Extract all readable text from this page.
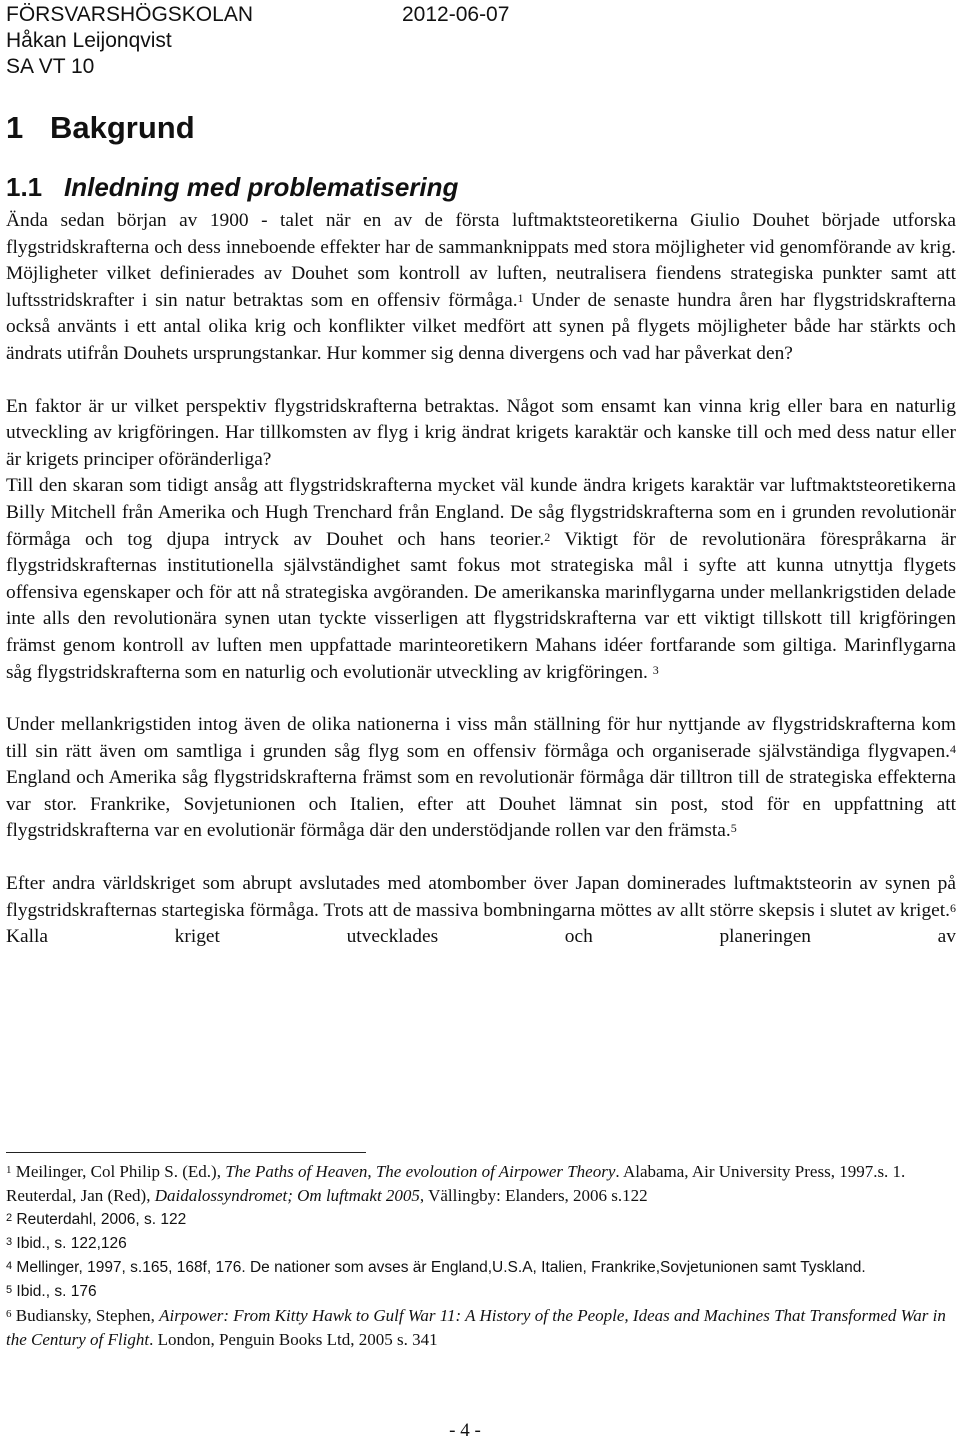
FÖRSVARSHÖGSKOLAN
Håkan Leijonqvist
SA VT 10
2012-06-07
1 Bakgrund
1.1 Inledning med problematisering

Ända sedan början av 1900 - talet när en av de första luftmaktsteoretikerna Giulio Douhet började utforska flygstridskrafterna och dess inneboende effekter har de sammanknippats med stora möjligheter vid genomförande av krig. Möjligheter vilket definierades av Douhet som kontroll av luften, neutralisera fiendens strategiska punkter samt att luftsstridskrafter i sin natur betraktas som en offensiv förmåga.$^1$ Under de senaste hundra åren har flygstridskrafterna också använts i ett antal olika krig och konflikter vilket medfört att synen på flygets möjligheter både har stärkts och ändrats utifrån Douhets ursprungstankar. Hur kommer sig denna divergens och vad har påverkat den?

En faktor är ur vilket perspektiv flygstridskrafterna betraktas. Något som ensamt kan vinna krig eller bara en naturlig utveckling av krigföringen. Har tillkomsten av flyg i krig ändrat krigets karaktär och kanske till och med dess natur eller är krigets principer oföränderliga?

Till den skaran som tidigt ansåg att flygstridskrafterna mycket väl kunde ändra krigets karaktär var luftmaktsteoretikerna Billy Mitchell från Amerika och Hugh Trenchard från England. De såg flygstridskrafterna som en i grunden revolutionär förmåga och tog djupa intryck av Douhet och hans teorier.$^2$ Viktigt för de revolutionära förespråkarna är flygstridskrafternas institutionella självständighet samt fokus mot strategiska mål i syfte att kunna utnyttja flygets offensiva egenskaper och för att nå strategiska avgöranden. De amerikanska marinflygarna under mellankrigstiden delade inte alls den revolutionära synen utan tyckte visserligen att flygstridskrafterna var ett viktigt tillskott till krigföringen främst genom kontroll av luften men uppfattade marinteoretikern Mahans idéer fortfarande som giltiga. Marinflygarna såg flygstridskrafterna som en naturlig och evolutionär utveckling av krigföringen. $^3$

Under mellankrigstiden intog även de olika nationerna i viss mån ställning för hur nyttjande av flygstridskrafterna kom till sin rätt även om samtliga i grunden såg flyg som en offensiv förmåga och organiserade självständiga flygvapen.$^4$ England och Amerika såg flygstridskrafterna främst som en revolutionär förmåga där tilltron till de strategiska effekterna var stor. Frankrike, Sovjetunionen och Italien, efter att Douhet lämnat sin post, stod för en uppfattning att flygstridskrafterna var en evolutionär förmåga där den understödjande rollen var den främsta.$^5$

Efter andra världskriget som abrupt avslutades med atombomber över Japan dominerades luftmaktsteorin av synen på flygstridskrafternas startegiska förmåga. Trots att de massiva bombningarna möttes av allt större skepsis i slutet av kriget.$^6$ Kalla kriget utvecklades och planeringen av

$^1$ Meilinger, Col Philip S. (Ed.), The Paths of Heaven, The evoloution of Airpower Theory. Alabama, Air University Press, 1997.s. 1. Reuterdal, Jan (Red), Daidalossyndromet; Om luftmakt 2005, Vällingby: Elanders, 2006 s.122

$^2$ Reuterdahl, 2006, s. 122

$^3$ Ibid., s. 122,126

$^4$ Mellinger, 1997, s.165, 168f, 176. De nationer som avses är England,U.S.A, Italien, Frankrike,Sovjetunionen samt Tyskland.

$^5$ Ibid., s. 176

$^6$ Budiansky, Stephen, Airpower: From Kitty Hawk to Gulf War 11: A History of the People, Ideas and Machines That Transformed War in the Century of Flight. London, Penguin Books Ltd, 2005 s. 341

- 4 -
